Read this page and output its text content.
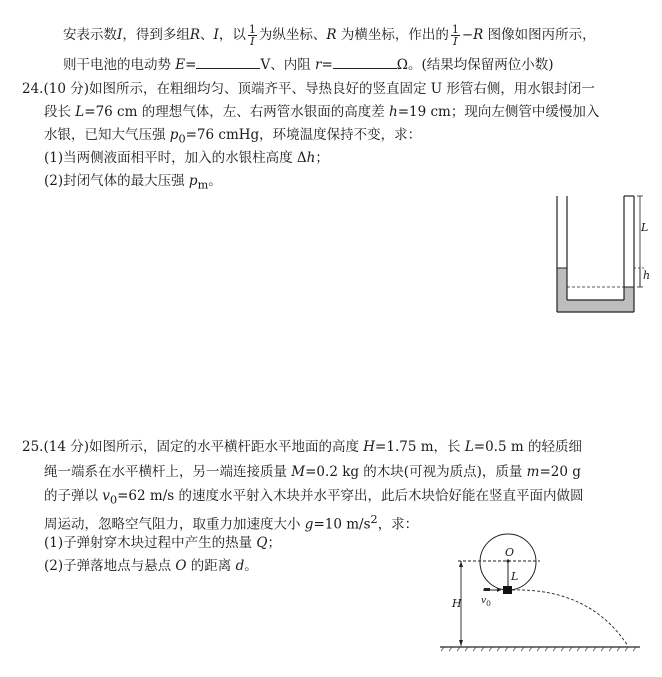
安表示数I，得到多组R、I，以 $\frac{1}{I}$ 为纵坐标、R 为横坐标，作出的 $\frac{1}{I} -R$ 图像如图丙所示，
则干电池的电动势 E=	V、内阻 r=	Ω。(结果均保留两位小数)
24.(10 分)如图所示，在粗细均匀、顶端齐平、导热良好的竖直固定 U 形管右侧，用水银封闭一
段长 L=76 cm 的理想气体，左、右两管水银面的高度差 h=19 cm；现向左侧管中缓慢加入
水银，已知大气压强 $p_0=76$ cmHg，环境温度保持不变，求：
(1)当两侧液面相平时，加入的水银柱高度 Δh；
(2)封闭气体的最大压强 $p_m$。
L
h
25.(14 分)如图所示，固定的水平横杆距水平地面的高度 H=1.75 m，长 L=0.5 m 的轻质细
绳一端系在水平横杆上，另一端连接质量 M=0.2 kg 的木块(可视为质点)，质量 m=20 g
的子弹以 $v_0=62$ m/s 的速度水平射入木块并水平穿出，此后木块恰好能在竖直平面内做圆
周运动，忽略空气阻力，取重力加速度大小 g=10 $m/s^2$，求：
(1)子弹射穿木块过程中产生的热量 Q；
(2)子弹落地点与悬点 O 的距离 d。
O
L
H $v_0$
